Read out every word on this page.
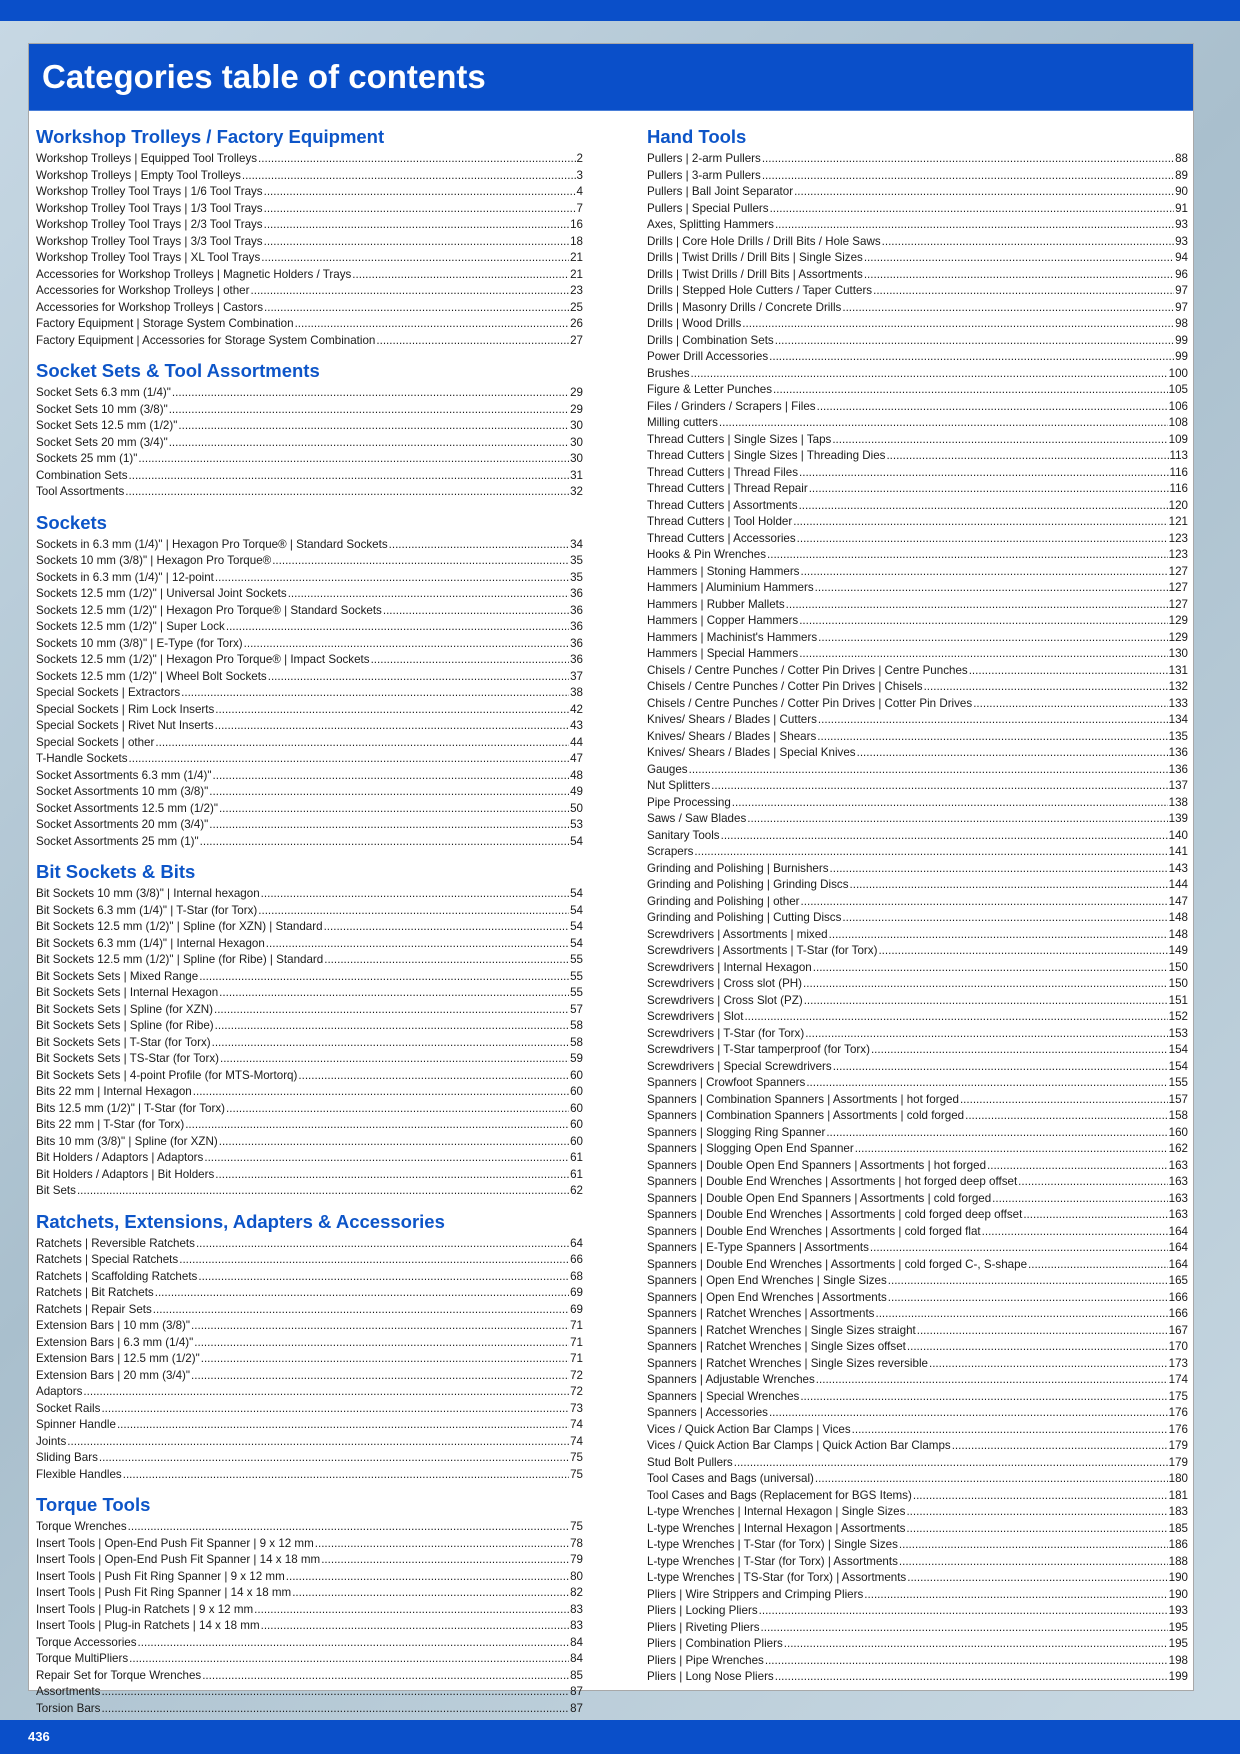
Categories table of contents
Workshop Trolleys / Factory Equipment
Workshop Trolleys | Equipped Tool Trolleys .....	2
Workshop Trolleys | Empty Tool Trolleys .....	3
Workshop Trolley Tool Trays | 1/6 Tool Trays .....	4
Workshop Trolley Tool Trays | 1/3 Tool Trays .....	7
Workshop Trolley Tool Trays | 2/3 Tool Trays .....	16
Workshop Trolley Tool Trays | 3/3 Tool Trays .....	18
Workshop Trolley Tool Trays | XL Tool Trays .....	21
Accessories for Workshop Trolleys | Magnetic Holders / Trays .....	21
Accessories for Workshop Trolleys | other .....	23
Accessories for Workshop Trolleys | Castors .....	25
Factory Equipment | Storage System Combination .....	26
Factory Equipment | Accessories for Storage System Combination .....	27
Socket Sets & Tool Assortments
Socket Sets 6.3 mm (1/4)" .....	29
Socket Sets 10 mm (3/8)" .....	29
Socket Sets 12.5 mm (1/2)" .....	30
Socket Sets 20 mm (3/4)" .....	30
Sockets 25 mm (1)" .....	30
Combination Sets .....	31
Tool Assortments .....	32
Sockets
Sockets in 6.3 mm (1/4)" | Hexagon Pro Torque® | Standard Sockets .....	34
Sockets 10 mm (3/8)" | Hexagon Pro Torque® .....	35
Sockets in 6.3 mm (1/4)" | 12-point .....	35
Sockets 12.5 mm (1/2)" | Universal Joint Sockets .....	36
Sockets 12.5 mm (1/2)" | Hexagon Pro Torque® | Standard Sockets .....	36
Sockets 12.5 mm (1/2)" | Super Lock .....	36
Sockets 10 mm (3/8)" | E-Type (for Torx) .....	36
Sockets 12.5 mm (1/2)" | Hexagon Pro Torque® | Impact Sockets .....	36
Sockets 12.5 mm (1/2)" | Wheel Bolt Sockets .....	37
Special Sockets | Extractors .....	38
Special Sockets | Rim Lock Inserts .....	42
Special Sockets | Rivet Nut Inserts .....	43
Special Sockets | other .....	44
T-Handle Sockets .....	47
Socket Assortments 6.3 mm (1/4)" .....	48
Socket Assortments 10 mm (3/8)" .....	49
Socket Assortments 12.5 mm (1/2)" .....	50
Socket Assortments 20 mm (3/4)" .....	53
Socket Assortments 25 mm (1)" .....	54
Bit Sockets & Bits
Bit Sockets 10 mm (3/8)" | Internal hexagon .....	54
Bit Sockets 6.3 mm (1/4)" | T-Star (for Torx) .....	54
Bit Sockets 12.5 mm (1/2)" | Spline (for XZN) | Standard .....	54
Bit Sockets 6.3 mm (1/4)" | Internal Hexagon .....	54
Bit Sockets 12.5 mm (1/2)" | Spline (for Ribe) | Standard .....	55
Bit Sockets Sets | Mixed Range .....	55
Bit Sockets Sets | Internal Hexagon .....	55
Bit Sockets Sets | Spline (for XZN) .....	57
Bit Sockets Sets | Spline (for Ribe) .....	58
Bit Sockets Sets | T-Star (for Torx) .....	58
Bit Sockets Sets | TS-Star (for Torx) .....	59
Bit Sockets Sets | 4-point Profile (for MTS-Mortorq) .....	60
Bits 22 mm | Internal Hexagon .....	60
Bits 12.5 mm (1/2)" | T-Star (for Torx) .....	60
Bits 22 mm | T-Star (for Torx) .....	60
Bits 10 mm (3/8)" | Spline (for XZN) .....	60
Bit Holders / Adaptors | Adaptors .....	61
Bit Holders / Adaptors | Bit Holders .....	61
Bit Sets .....	62
Ratchets, Extensions, Adapters & Accessories
Ratchets | Reversible Ratchets .....	64
Ratchets | Special Ratchets .....	66
Ratchets | Scaffolding Ratchets .....	68
Ratchets | Bit Ratchets .....	69
Ratchets | Repair Sets .....	69
Extension Bars | 10 mm (3/8)" .....	71
Extension Bars | 6.3 mm (1/4)" .....	71
Extension Bars | 12.5 mm (1/2)" .....	71
Extension Bars | 20 mm (3/4)" .....	72
Adaptors .....	72
Socket Rails .....	73
Spinner Handle .....	74
Joints .....	74
Sliding Bars .....	75
Flexible Handles .....	75
Torque Tools
Torque Wrenches .....	75
Insert Tools | Open-End Push Fit Spanner | 9 x 12 mm .....	78
Insert Tools | Open-End Push Fit Spanner | 14 x 18 mm .....	79
Insert Tools | Push Fit Ring Spanner | 9 x 12 mm .....	80
Insert Tools | Push Fit Ring Spanner | 14 x 18 mm .....	82
Insert Tools | Plug-in Ratchets | 9 x 12 mm .....	83
Insert Tools | Plug-in Ratchets | 14 x 18 mm .....	83
Torque Accessories .....	84
Torque MultiPliers .....	84
Repair Set for Torque Wrenches .....	85
Assortments .....	87
Torsion Bars .....	87
Hand Tools
Pullers | 2-arm Pullers .....	88
Pullers | 3-arm Pullers .....	89
Pullers | Ball Joint Separator .....	90
Pullers | Special Pullers .....	91
Axes, Splitting Hammers .....	93
Drills | Core Hole Drills / Drill Bits / Hole Saws .....	93
Drills | Twist Drills / Drill Bits | Single Sizes .....	94
Drills | Twist Drills / Drill Bits | Assortments .....	96
Drills | Stepped Hole Cutters / Taper Cutters .....	97
Drills | Masonry Drills / Concrete Drills .....	97
Drills | Wood Drills .....	98
Drills | Combination Sets .....	99
Power Drill Accessories .....	99
Brushes .....	100
Figure & Letter Punches .....	105
Files / Grinders / Scrapers | Files .....	106
Milling cutters .....	108
Thread Cutters | Single Sizes | Taps .....	109
Thread Cutters | Single Sizes | Threading Dies .....	113
Thread Cutters | Thread Files .....	116
Thread Cutters | Thread Repair .....	116
Thread Cutters | Assortments .....	120
Thread Cutters | Tool Holder .....	121
Thread Cutters | Accessories .....	123
Hooks & Pin Wrenches .....	123
Hammers | Stoning Hammers .....	127
Hammers | Aluminium Hammers .....	127
Hammers | Rubber Mallets .....	127
Hammers | Copper Hammers .....	129
Hammers | Machinist's Hammers .....	129
Hammers | Special Hammers .....	130
Chisels / Centre Punches / Cotter Pin Drives | Centre Punches .....	131
Chisels / Centre Punches / Cotter Pin Drives | Chisels .....	132
Chisels / Centre Punches / Cotter Pin Drives | Cotter Pin Drives .....	133
Knives/ Shears / Blades | Cutters .....	134
Knives/ Shears / Blades | Shears .....	135
Knives/ Shears / Blades | Special Knives .....	136
Gauges .....	136
Nut Splitters .....	137
Pipe Processing .....	138
Saws / Saw Blades .....	139
Sanitary Tools .....	140
Scrapers .....	141
Grinding and Polishing | Burnishers .....	143
Grinding and Polishing | Grinding Discs .....	144
Grinding and Polishing | other .....	147
Grinding and Polishing | Cutting Discs .....	148
Screwdrivers | Assortments | mixed .....	148
Screwdrivers | Assortments | T-Star (for Torx) .....	149
Screwdrivers | Internal Hexagon .....	150
Screwdrivers | Cross slot (PH) .....	150
Screwdrivers | Cross Slot (PZ) .....	151
Screwdrivers | Slot .....	152
Screwdrivers | T-Star (for Torx) .....	153
Screwdrivers | T-Star tamperproof (for Torx) .....	154
Screwdrivers | Special Screwdrivers .....	154
Spanners | Crowfoot Spanners .....	155
Spanners | Combination Spanners | Assortments | hot forged .....	157
Spanners | Combination Spanners | Assortments | cold forged .....	158
Spanners | Slogging Ring Spanner .....	160
Spanners | Slogging Open End Spanner .....	162
Spanners | Double Open End Spanners | Assortments | hot forged .....	163
Spanners | Double End Wrenches | Assortments | hot forged deep offset .....	163
Spanners | Double Open End Spanners | Assortments | cold forged .....	163
Spanners | Double End Wrenches | Assortments | cold forged deep offset .....	163
Spanners | Double End Wrenches | Assortments | cold forged flat .....	164
Spanners | E-Type Spanners | Assortments .....	164
Spanners | Double End Wrenches | Assortments | cold forged C-, S-shape .....	164
Spanners | Open End Wrenches | Single Sizes .....	165
Spanners | Open End Wrenches | Assortments .....	166
Spanners | Ratchet Wrenches | Assortments .....	166
Spanners | Ratchet Wrenches | Single Sizes straight .....	167
Spanners | Ratchet Wrenches | Single Sizes offset .....	170
Spanners | Ratchet Wrenches | Single Sizes reversible .....	173
Spanners | Adjustable Wrenches .....	174
Spanners | Special Wrenches .....	175
Spanners | Accessories .....	176
Vices / Quick Action Bar Clamps | Vices .....	176
Vices / Quick Action Bar Clamps | Quick Action Bar Clamps .....	179
Stud Bolt Pullers .....	179
Tool Cases and Bags (universal) .....	180
Tool Cases and Bags (Replacement for BGS Items) .....	181
L-type Wrenches | Internal Hexagon | Single Sizes .....	183
L-type Wrenches | Internal Hexagon | Assortments .....	185
L-type Wrenches | T-Star (for Torx) | Single Sizes .....	186
L-type Wrenches | T-Star (for Torx) | Assortments .....	188
L-type Wrenches | TS-Star (for Torx) | Assortments .....	190
Pliers | Wire Strippers and Crimping Pliers .....	190
Pliers | Locking Pliers .....	193
Pliers | Riveting Pliers .....	195
Pliers | Combination Pliers .....	195
Pliers | Pipe Wrenches .....	198
Pliers | Long Nose Pliers .....	199
436
